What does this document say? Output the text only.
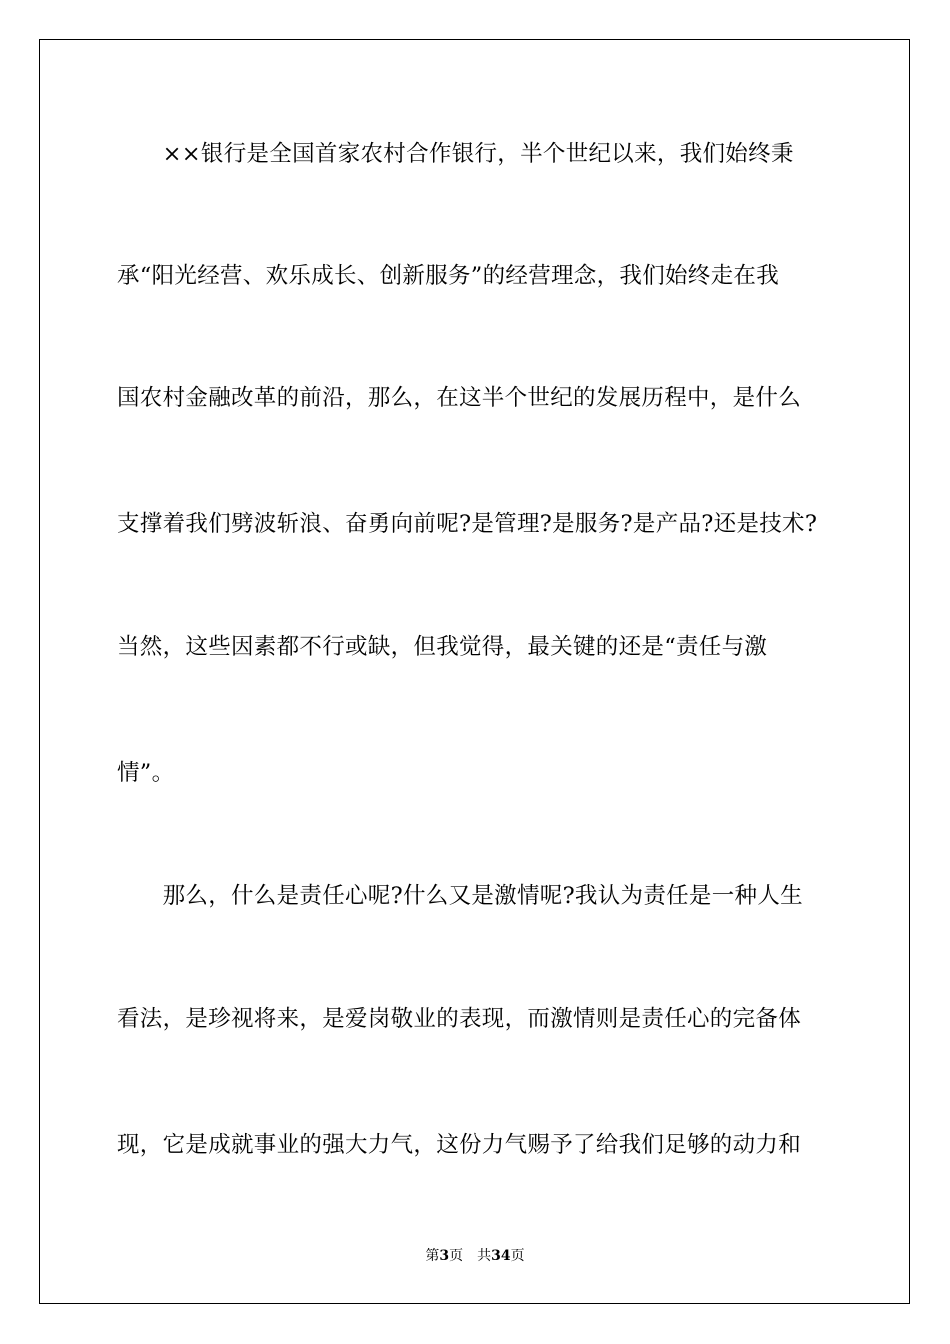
　　××银行是全国首家农村合作银行，半个世纪以来，我们始终秉
承“阳光经营、欢乐成长、创新服务”的经营理念，我们始终走在我
国农村金融改革的前沿，那么，在这半个世纪的发展历程中，是什么
支撑着我们劈波斩浪、奋勇向前呢?是管理?是服务?是产品?还是技术?
当然，这些因素都不行或缺，但我觉得，最关键的还是“责任与激
情”。
　　那么，什么是责任心呢?什么又是激情呢?我认为责任是一种人生
看法，是珍视将来，是爱岗敬业的表现，而激情则是责任心的完备体
现，它是成就事业的强大力气，这份力气赐予了给我们足够的动力和
第3页 共34页
